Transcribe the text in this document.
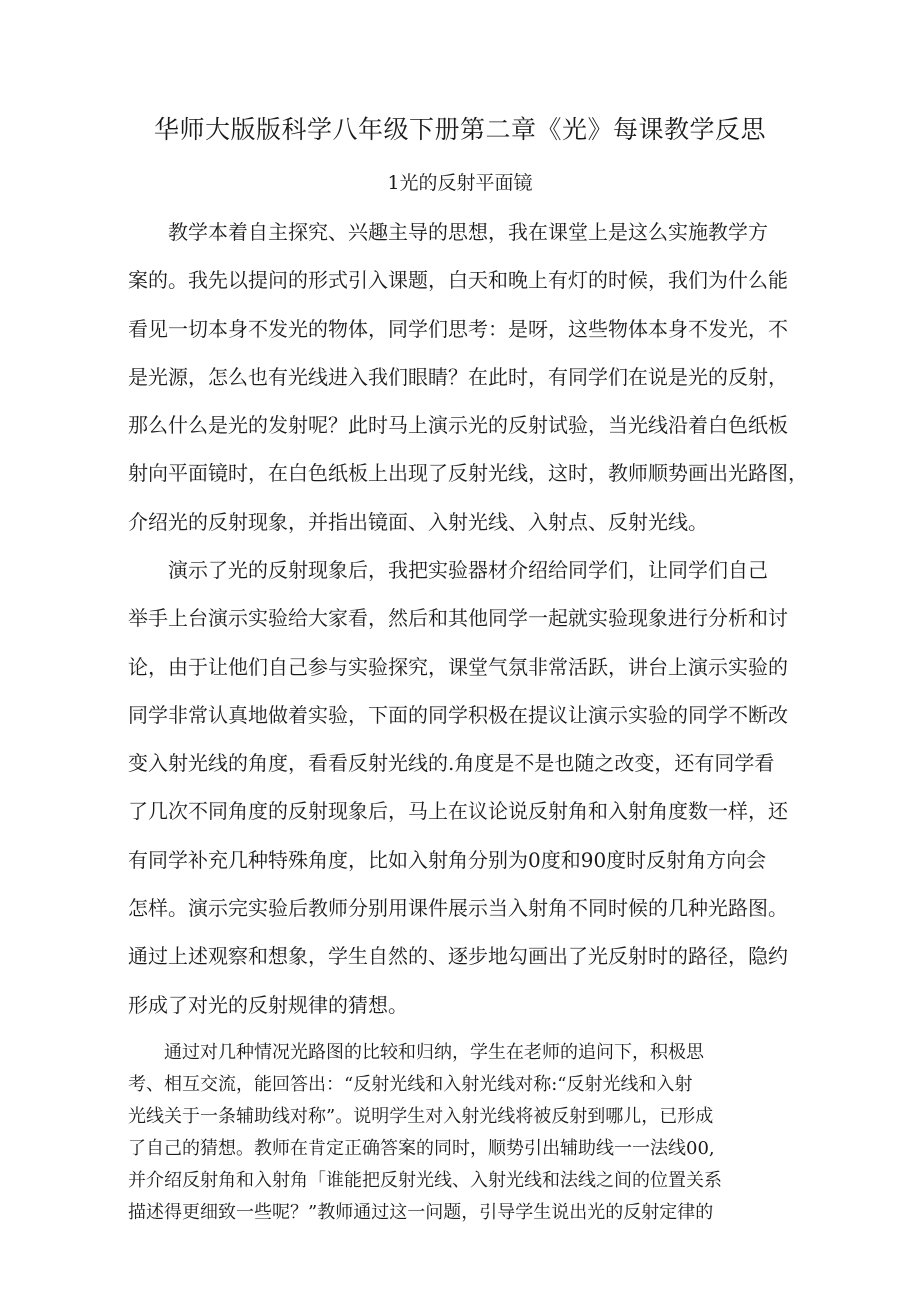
华师大版版科学八年级下册第二章《光》每课教学反思
1光的反射平面镜
　　教学本着自主探究、兴趣主导的思想，我在课堂上是这么实施教学方
案的。我先以提问的形式引入课题，白天和晚上有灯的时候，我们为什么能
看见一切本身不发光的物体，同学们思考：是呀，这些物体本身不发光，不
是光源，怎么也有光线进入我们眼睛？在此时，有同学们在说是光的反射，
那么什么是光的发射呢？此时马上演示光的反射试验，当光线沿着白色纸板
射向平面镜时，在白色纸板上出现了反射光线，这时，教师顺势画出光路图，
介绍光的反射现象，并指出镜面、入射光线、入射点、反射光线。
　　演示了光的反射现象后，我把实验器材介绍给同学们，让同学们自己
举手上台演示实验给大家看，然后和其他同学一起就实验现象进行分析和讨
论，由于让他们自己参与实验探究，课堂气氛非常活跃，讲台上演示实验的
同学非常认真地做着实验，下面的同学积极在提议让演示实验的同学不断改
变入射光线的角度，看看反射光线的.角度是不是也随之改变，还有同学看
了几次不同角度的反射现象后，马上在议论说反射角和入射角度数一样，还
有同学补充几种特殊角度，比如入射角分别为0度和90度时反射角方向会
怎样。演示完实验后教师分别用课件展示当入射角不同时候的几种光路图。
通过上述观察和想象，学生自然的、逐步地勾画出了光反射时的路径，隐约
形成了对光的反射规律的猜想。
　　通过对几种情况光路图的比较和归纳，学生在老师的追问下，积极思
考、相互交流，能回答出：“反射光线和入射光线对称:“反射光线和入射
光线关于一条辅助线对称”。说明学生对入射光线将被反射到哪儿，已形成
了自己的猜想。教师在肯定正确答案的同时，顺势引出辅助线一一法线00,
并介绍反射角和入射角「谁能把反射光线、入射光线和法线之间的位置关系
描述得更细致一些呢？”教师通过这一问题，引导学生说出光的反射定律的
